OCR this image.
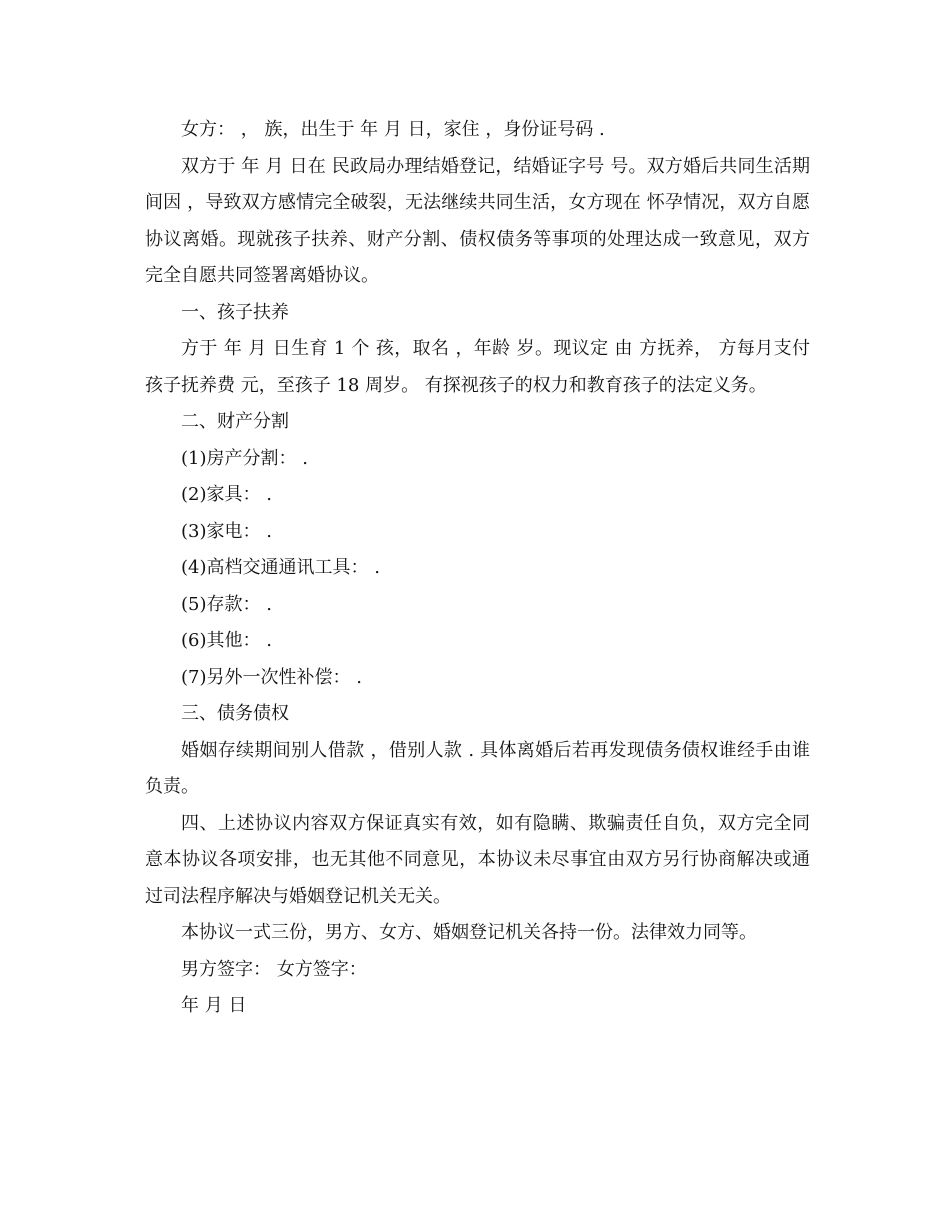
女方： ， 族，出生于 年 月 日，家住 ，身份证号码 .

双方于 年 月 日在 民政局办理结婚登记，结婚证字号 号。双方婚后共同生活期间因 ，导致双方感情完全破裂，无法继续共同生活，女方现在 怀孕情况，双方自愿协议离婚。现就孩子扶养、财产分割、债权债务等事项的处理达成一致意见，双方完全自愿共同签署离婚协议。

一、孩子扶养

方于 年 月 日生育 1 个 孩，取名 ，年龄 岁。现议定 由 方抚养， 方每月支付孩子抚养费 元，至孩子 18 周岁。 有探视孩子的权力和教育孩子的法定义务。

二、财产分割

(1)房产分割： .

(2)家具： .

(3)家电： .

(4)高档交通通讯工具： .

(5)存款： .

(6)其他： .

(7)另外一次性补偿： .

三、债务债权

婚姻存续期间别人借款 ，借别人款 . 具体离婚后若再发现债务债权谁经手由谁负责。

四、上述协议内容双方保证真实有效，如有隐瞒、欺骗责任自负，双方完全同意本协议各项安排，也无其他不同意见，本协议未尽事宜由双方另行协商解决或通过司法程序解决与婚姻登记机关无关。

本协议一式三份，男方、女方、婚姻登记机关各持一份。法律效力同等。

男方签字： 女方签字：

年 月 日
